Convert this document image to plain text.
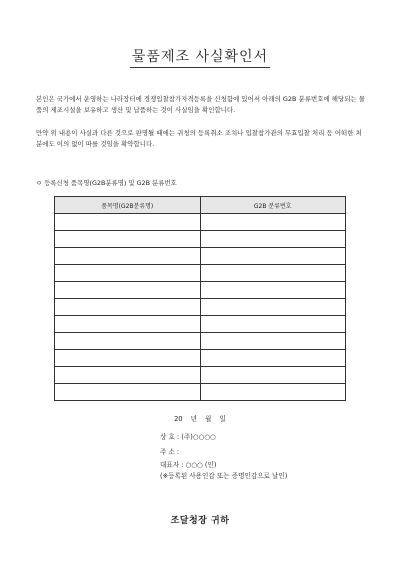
물품제조 사실확인서
본인은 국가에서 운영하는 나라장터에 경쟁입찰참가자격등록을 신청함에 있어서 아래의 G2B 분류번호에 해당되는 물품의 제조시설을 보유하고 생산 및 납품하는 것이 사실임을 확인합니다.
만약 위 내용이 사실과 다른 것으로 판명될 때에는 귀청의 등록취소 조치나 입찰참가관의 무효입찰 처리 등 어떠한 처분에도 이의 없이 따를 것임을 확약합니다.
ㅇ 등록신청 품목명(G2B분류명) 및 G2B 분류번호
품목명(G2B분류명)	G2B 분류번호

20 년 월 일
상 호 : (주)○○○○
주 소 :
대표자 : ○○○ (인)
(※등록된 사용인감 또는 증명인감으로 날인)
조달청장 귀하
